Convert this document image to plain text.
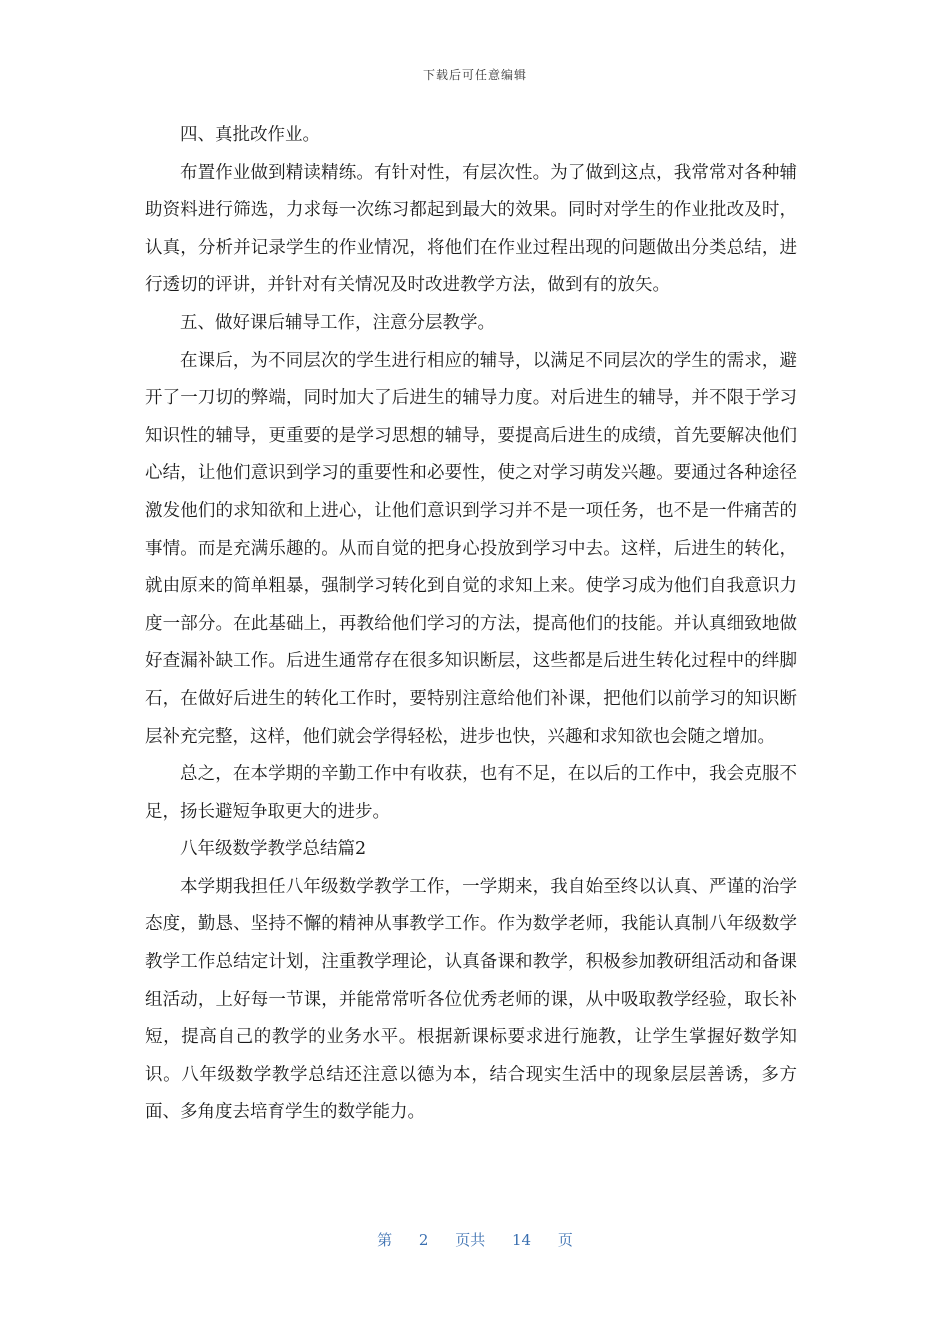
下载后可任意编辑

四、真批改作业。

布置作业做到精读精练。有针对性，有层次性。为了做到这点，我常常对各种辅助资料进行筛选，力求每一次练习都起到最大的效果。同时对学生的作业批改及时，认真，分析并记录学生的作业情况，将他们在作业过程出现的问题做出分类总结，进行透切的评讲，并针对有关情况及时改进教学方法，做到有的放矢。

五、做好课后辅导工作，注意分层教学。

在课后，为不同层次的学生进行相应的辅导，以满足不同层次的学生的需求，避开了一刀切的弊端，同时加大了后进生的辅导力度。对后进生的辅导，并不限于学习知识性的辅导，更重要的是学习思想的辅导，要提高后进生的成绩，首先要解决他们心结，让他们意识到学习的重要性和必要性，使之对学习萌发兴趣。要通过各种途径激发他们的求知欲和上进心，让他们意识到学习并不是一项任务，也不是一件痛苦的事情。而是充满乐趣的。从而自觉的把身心投放到学习中去。这样，后进生的转化，就由原来的简单粗暴，强制学习转化到自觉的求知上来。使学习成为他们自我意识力度一部分。在此基础上，再教给他们学习的方法，提高他们的技能。并认真细致地做好查漏补缺工作。后进生通常存在很多知识断层，这些都是后进生转化过程中的绊脚石，在做好后进生的转化工作时，要特别注意给他们补课，把他们以前学习的知识断层补充完整，这样，他们就会学得轻松，进步也快，兴趣和求知欲也会随之增加。

总之，在本学期的辛勤工作中有收获，也有不足，在以后的工作中，我会克服不足，扬长避短争取更大的进步。

八年级数学教学总结篇2

本学期我担任八年级数学教学工作，一学期来，我自始至终以认真、严谨的治学态度，勤恳、坚持不懈的精神从事教学工作。作为数学老师，我能认真制八年级数学教学工作总结定计划，注重教学理论，认真备课和教学，积极参加教研组活动和备课组活动，上好每一节课，并能常常听各位优秀老师的课，从中吸取教学经验，取长补短，提高自己的教学的业务水平。根据新课标要求进行施教，让学生掌握好数学知识。八年级数学教学总结还注意以德为本，结合现实生活中的现象层层善诱，多方面、多角度去培育学生的数学能力。

第 2 页共 14 页
